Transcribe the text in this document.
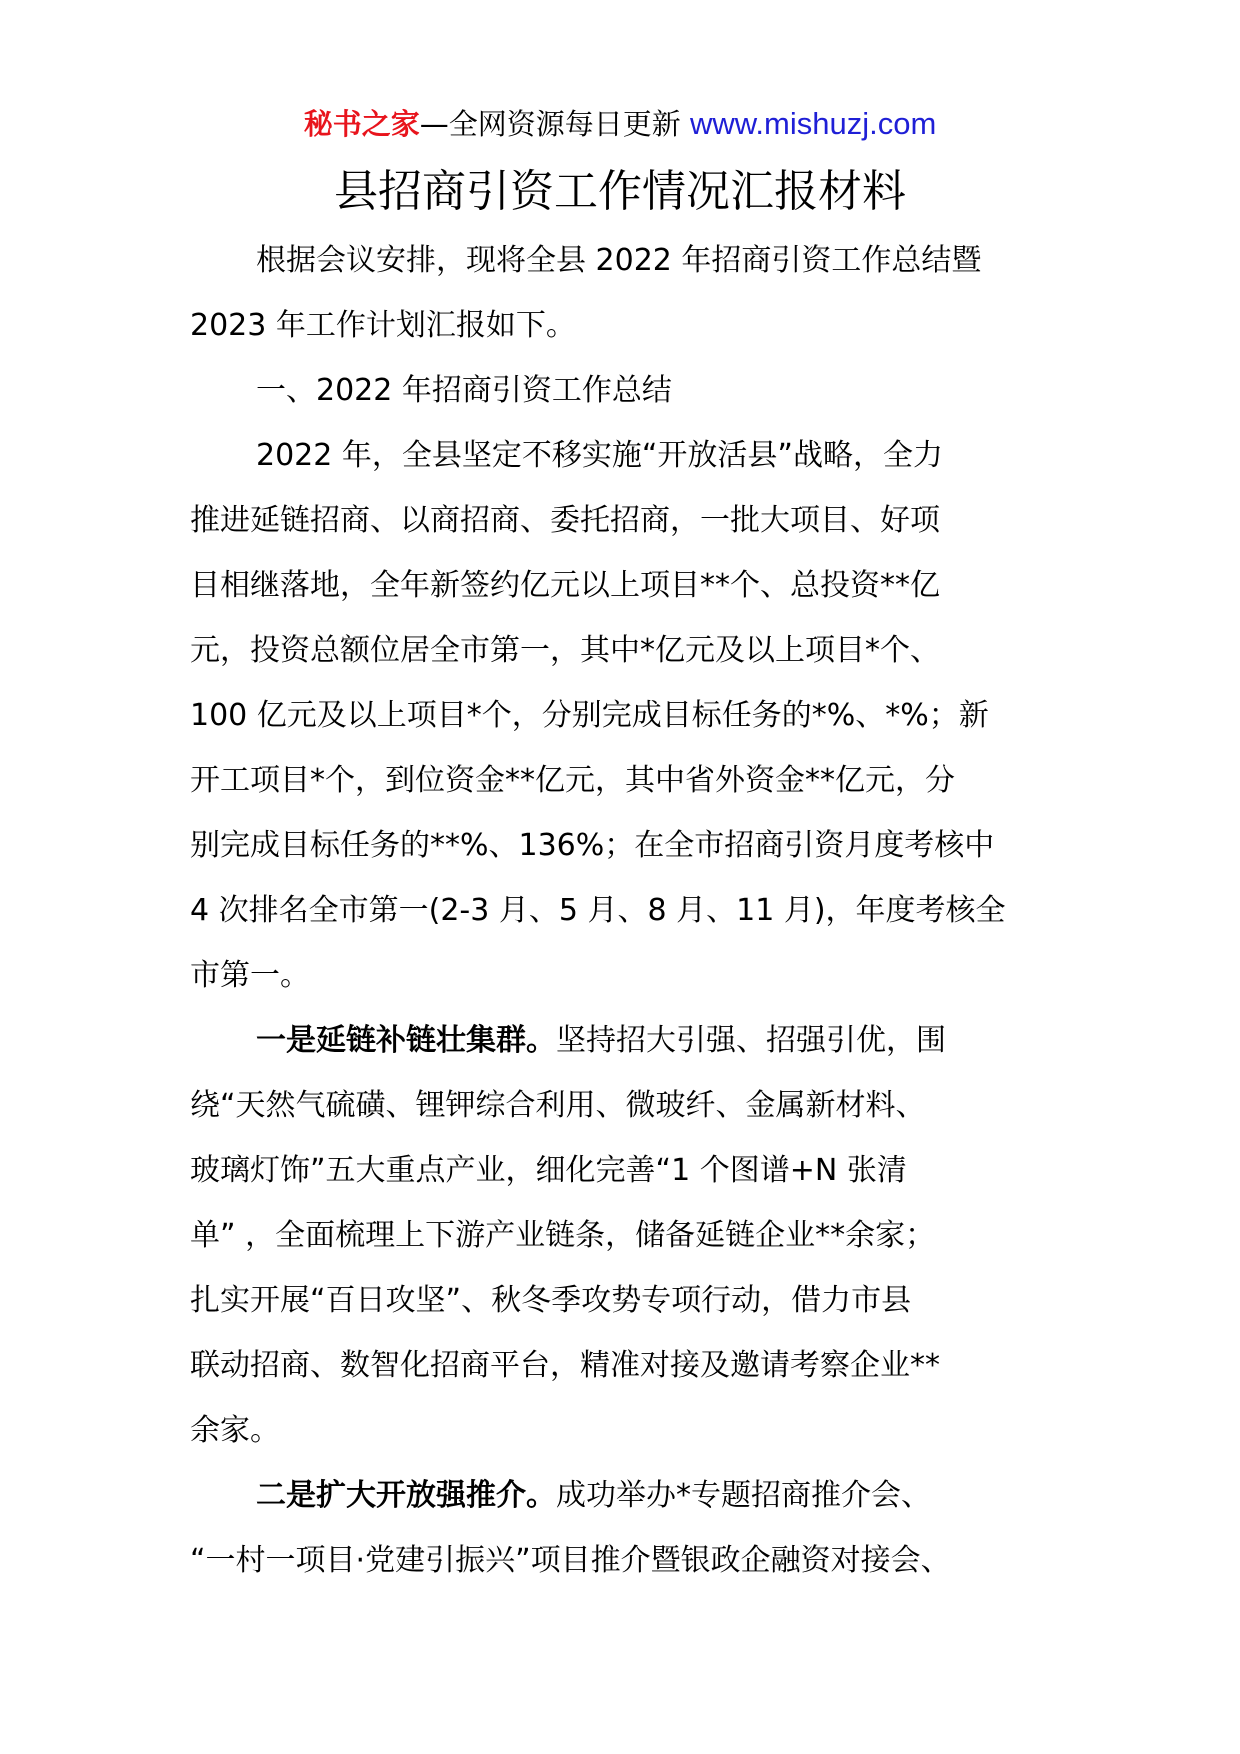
秘书之家—全网资源每日更新 www.mishuzj.com
县招商引资工作情况汇报材料
根据会议安排，现将全县 2022 年招商引资工作总结暨
2023 年工作计划汇报如下。
一、2022 年招商引资工作总结
2022 年，全县坚定不移实施“开放活县”战略，全力
推进延链招商、以商招商、委托招商，一批大项目、好项
目相继落地，全年新签约亿元以上项目**个、总投资**亿
元，投资总额位居全市第一，其中*亿元及以上项目*个、
100 亿元及以上项目*个，分别完成目标任务的*%、*%；新
开工项目*个，到位资金**亿元，其中省外资金**亿元，分
别完成目标任务的**%、136%；在全市招商引资月度考核中
4 次排名全市第一(2-3 月、5 月、8 月、11 月)，年度考核全
市第一。
一是延链补链壮集群。坚持招大引强、招强引优，围
绕“天然气硫磺、锂钾综合利用、微玻纤、金属新材料、
玻璃灯饰”五大重点产业，细化完善“1 个图谱+N 张清
单” ，全面梳理上下游产业链条，储备延链企业**余家；
扎实开展“百日攻坚”、秋冬季攻势专项行动，借力市县
联动招商、数智化招商平台，精准对接及邀请考察企业**
余家。
二是扩大开放强推介。成功举办*专题招商推介会、
“一村一项目·党建引振兴”项目推介暨银政企融资对接会、
